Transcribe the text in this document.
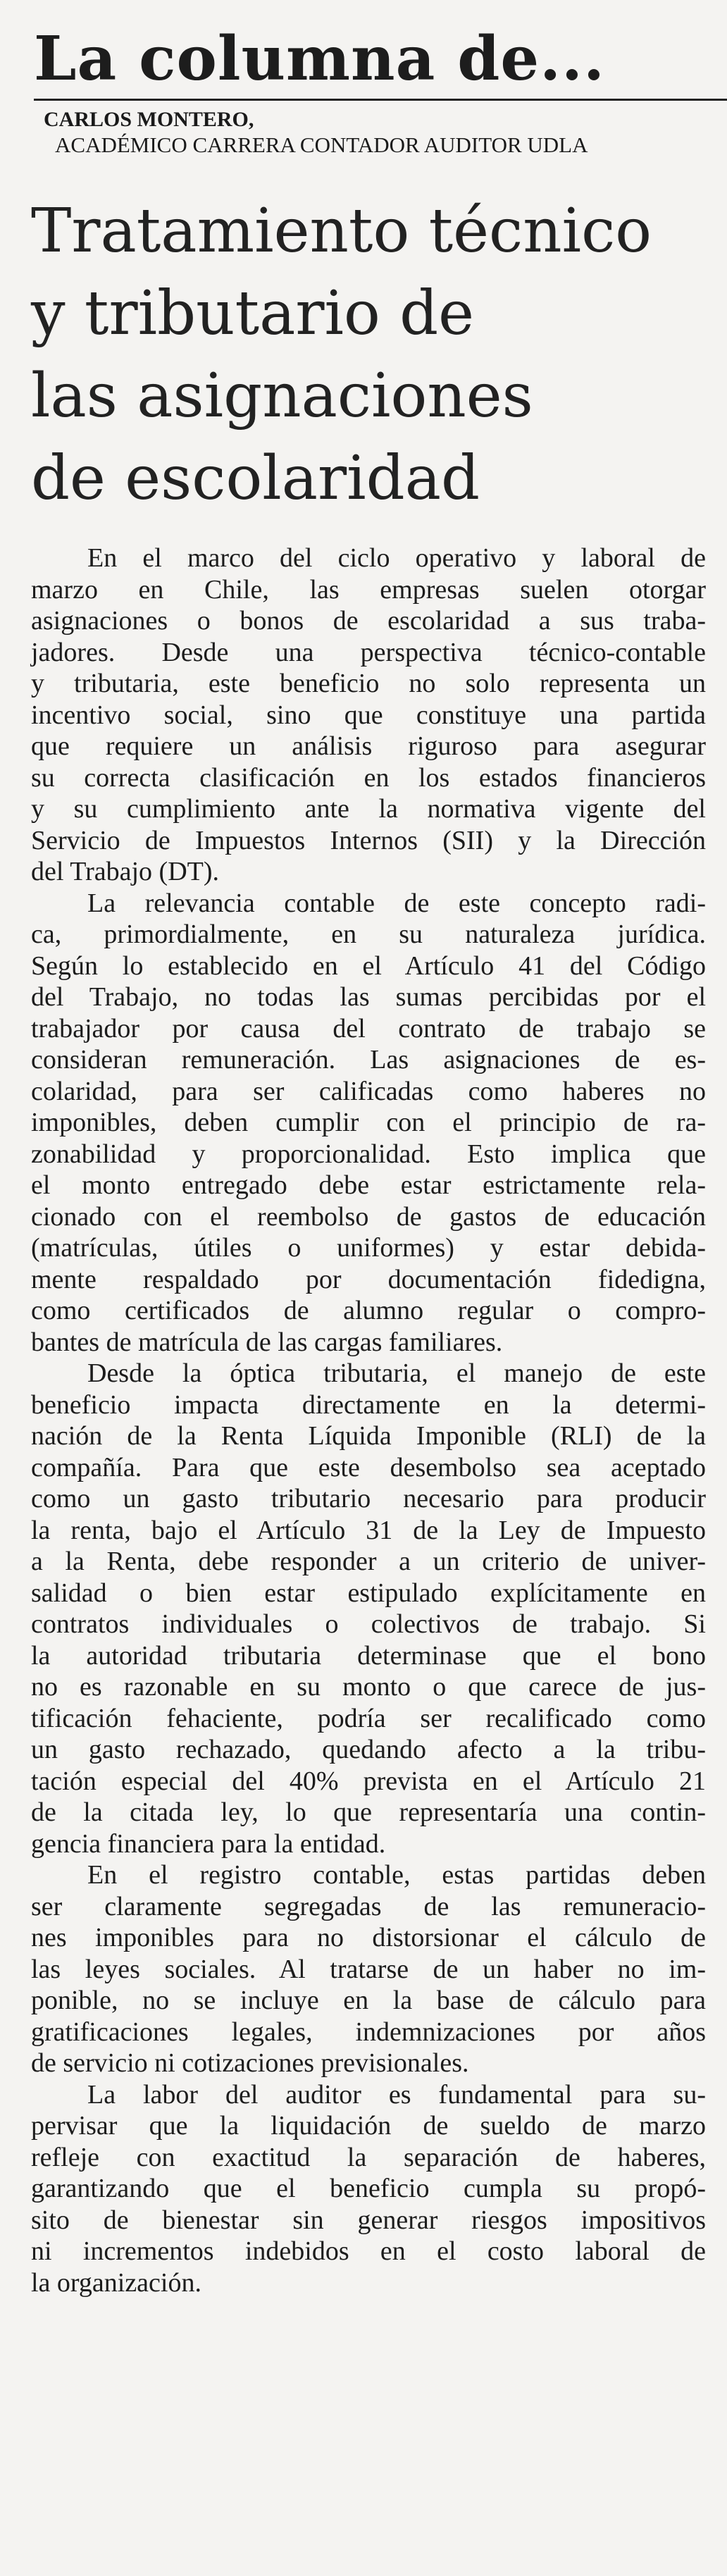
La columna de...
CARLOS MONTERO,
ACADÉMICO CARRERA CONTADOR AUDITOR UDLA
Tratamiento técnico
y tributario de
las asignaciones
de escolaridad

En el marco del ciclo operativo y laboral de
marzo en Chile, las empresas suelen otorgar
asignaciones o bonos de escolaridad a sus traba-
jadores. Desde una perspectiva técnico-contable
y tributaria, este beneficio no solo representa un
incentivo social, sino que constituye una partida
que requiere un análisis riguroso para asegurar
su correcta clasificación en los estados financieros
y su cumplimiento ante la normativa vigente del
Servicio de Impuestos Internos (SII) y la Dirección
del Trabajo (DT).

La relevancia contable de este concepto radi-
ca, primordialmente, en su naturaleza jurídica.
Según lo establecido en el Artículo 41 del Código
del Trabajo, no todas las sumas percibidas por el
trabajador por causa del contrato de trabajo se
consideran remuneración. Las asignaciones de es-
colaridad, para ser calificadas como haberes no
imponibles, deben cumplir con el principio de ra-
zonabilidad y proporcionalidad. Esto implica que
el monto entregado debe estar estrictamente rela-
cionado con el reembolso de gastos de educación
(matrículas, útiles o uniformes) y estar debida-
mente respaldado por documentación fidedigna,
como certificados de alumno regular o compro-
bantes de matrícula de las cargas familiares.

Desde la óptica tributaria, el manejo de este
beneficio impacta directamente en la determi-
nación de la Renta Líquida Imponible (RLI) de la
compañía. Para que este desembolso sea aceptado
como un gasto tributario necesario para producir
la renta, bajo el Artículo 31 de la Ley de Impuesto
a la Renta, debe responder a un criterio de univer-
salidad o bien estar estipulado explícitamente en
contratos individuales o colectivos de trabajo. Si
la autoridad tributaria determinase que el bono
no es razonable en su monto o que carece de jus-
tificación fehaciente, podría ser recalificado como
un gasto rechazado, quedando afecto a la tribu-
tación especial del 40% prevista en el Artículo 21
de la citada ley, lo que representaría una contin-
gencia financiera para la entidad.

En el registro contable, estas partidas deben
ser claramente segregadas de las remuneracio-
nes imponibles para no distorsionar el cálculo de
las leyes sociales. Al tratarse de un haber no im-
ponible, no se incluye en la base de cálculo para
gratificaciones legales, indemnizaciones por años
de servicio ni cotizaciones previsionales.

La labor del auditor es fundamental para su-
pervisar que la liquidación de sueldo de marzo
refleje con exactitud la separación de haberes,
garantizando que el beneficio cumpla su propó-
sito de bienestar sin generar riesgos impositivos
ni incrementos indebidos en el costo laboral de
la organización.
